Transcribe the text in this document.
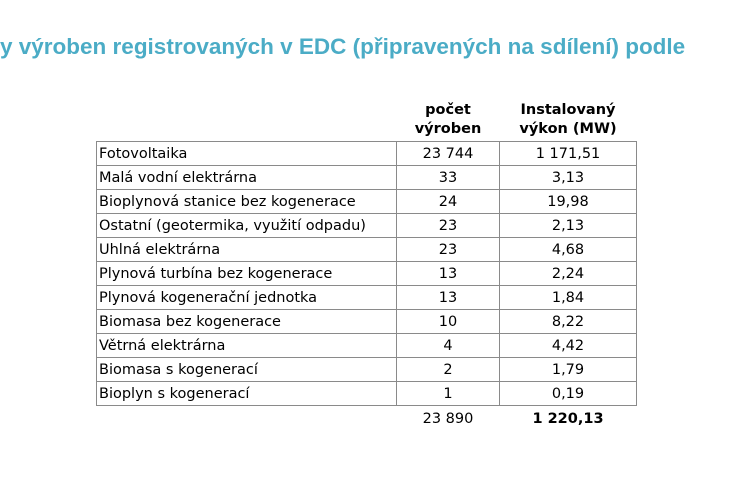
y výroben registrovaných v EDC (připravených na sdílení) podle
	počet výroben	Instalovaný výkon (MW)
Fotovoltaika	23 744	1 171,51
Malá vodní elektrárna	33	3,13
Bioplynová stanice bez kogenerace	24	19,98
Ostatní (geotermika, využití odpadu)	23	2,13
Uhlná elektrárna	23	4,68
Plynová turbína bez kogenerace	13	2,24
Plynová kogenerační jednotka	13	1,84
Biomasa bez kogenerace	10	8,22
Větrná elektrárna	4	4,42
Biomasa s kogenerací	2	1,79
Bioplyn s kogenerací	1	0,19
	23 890	1 220,13
